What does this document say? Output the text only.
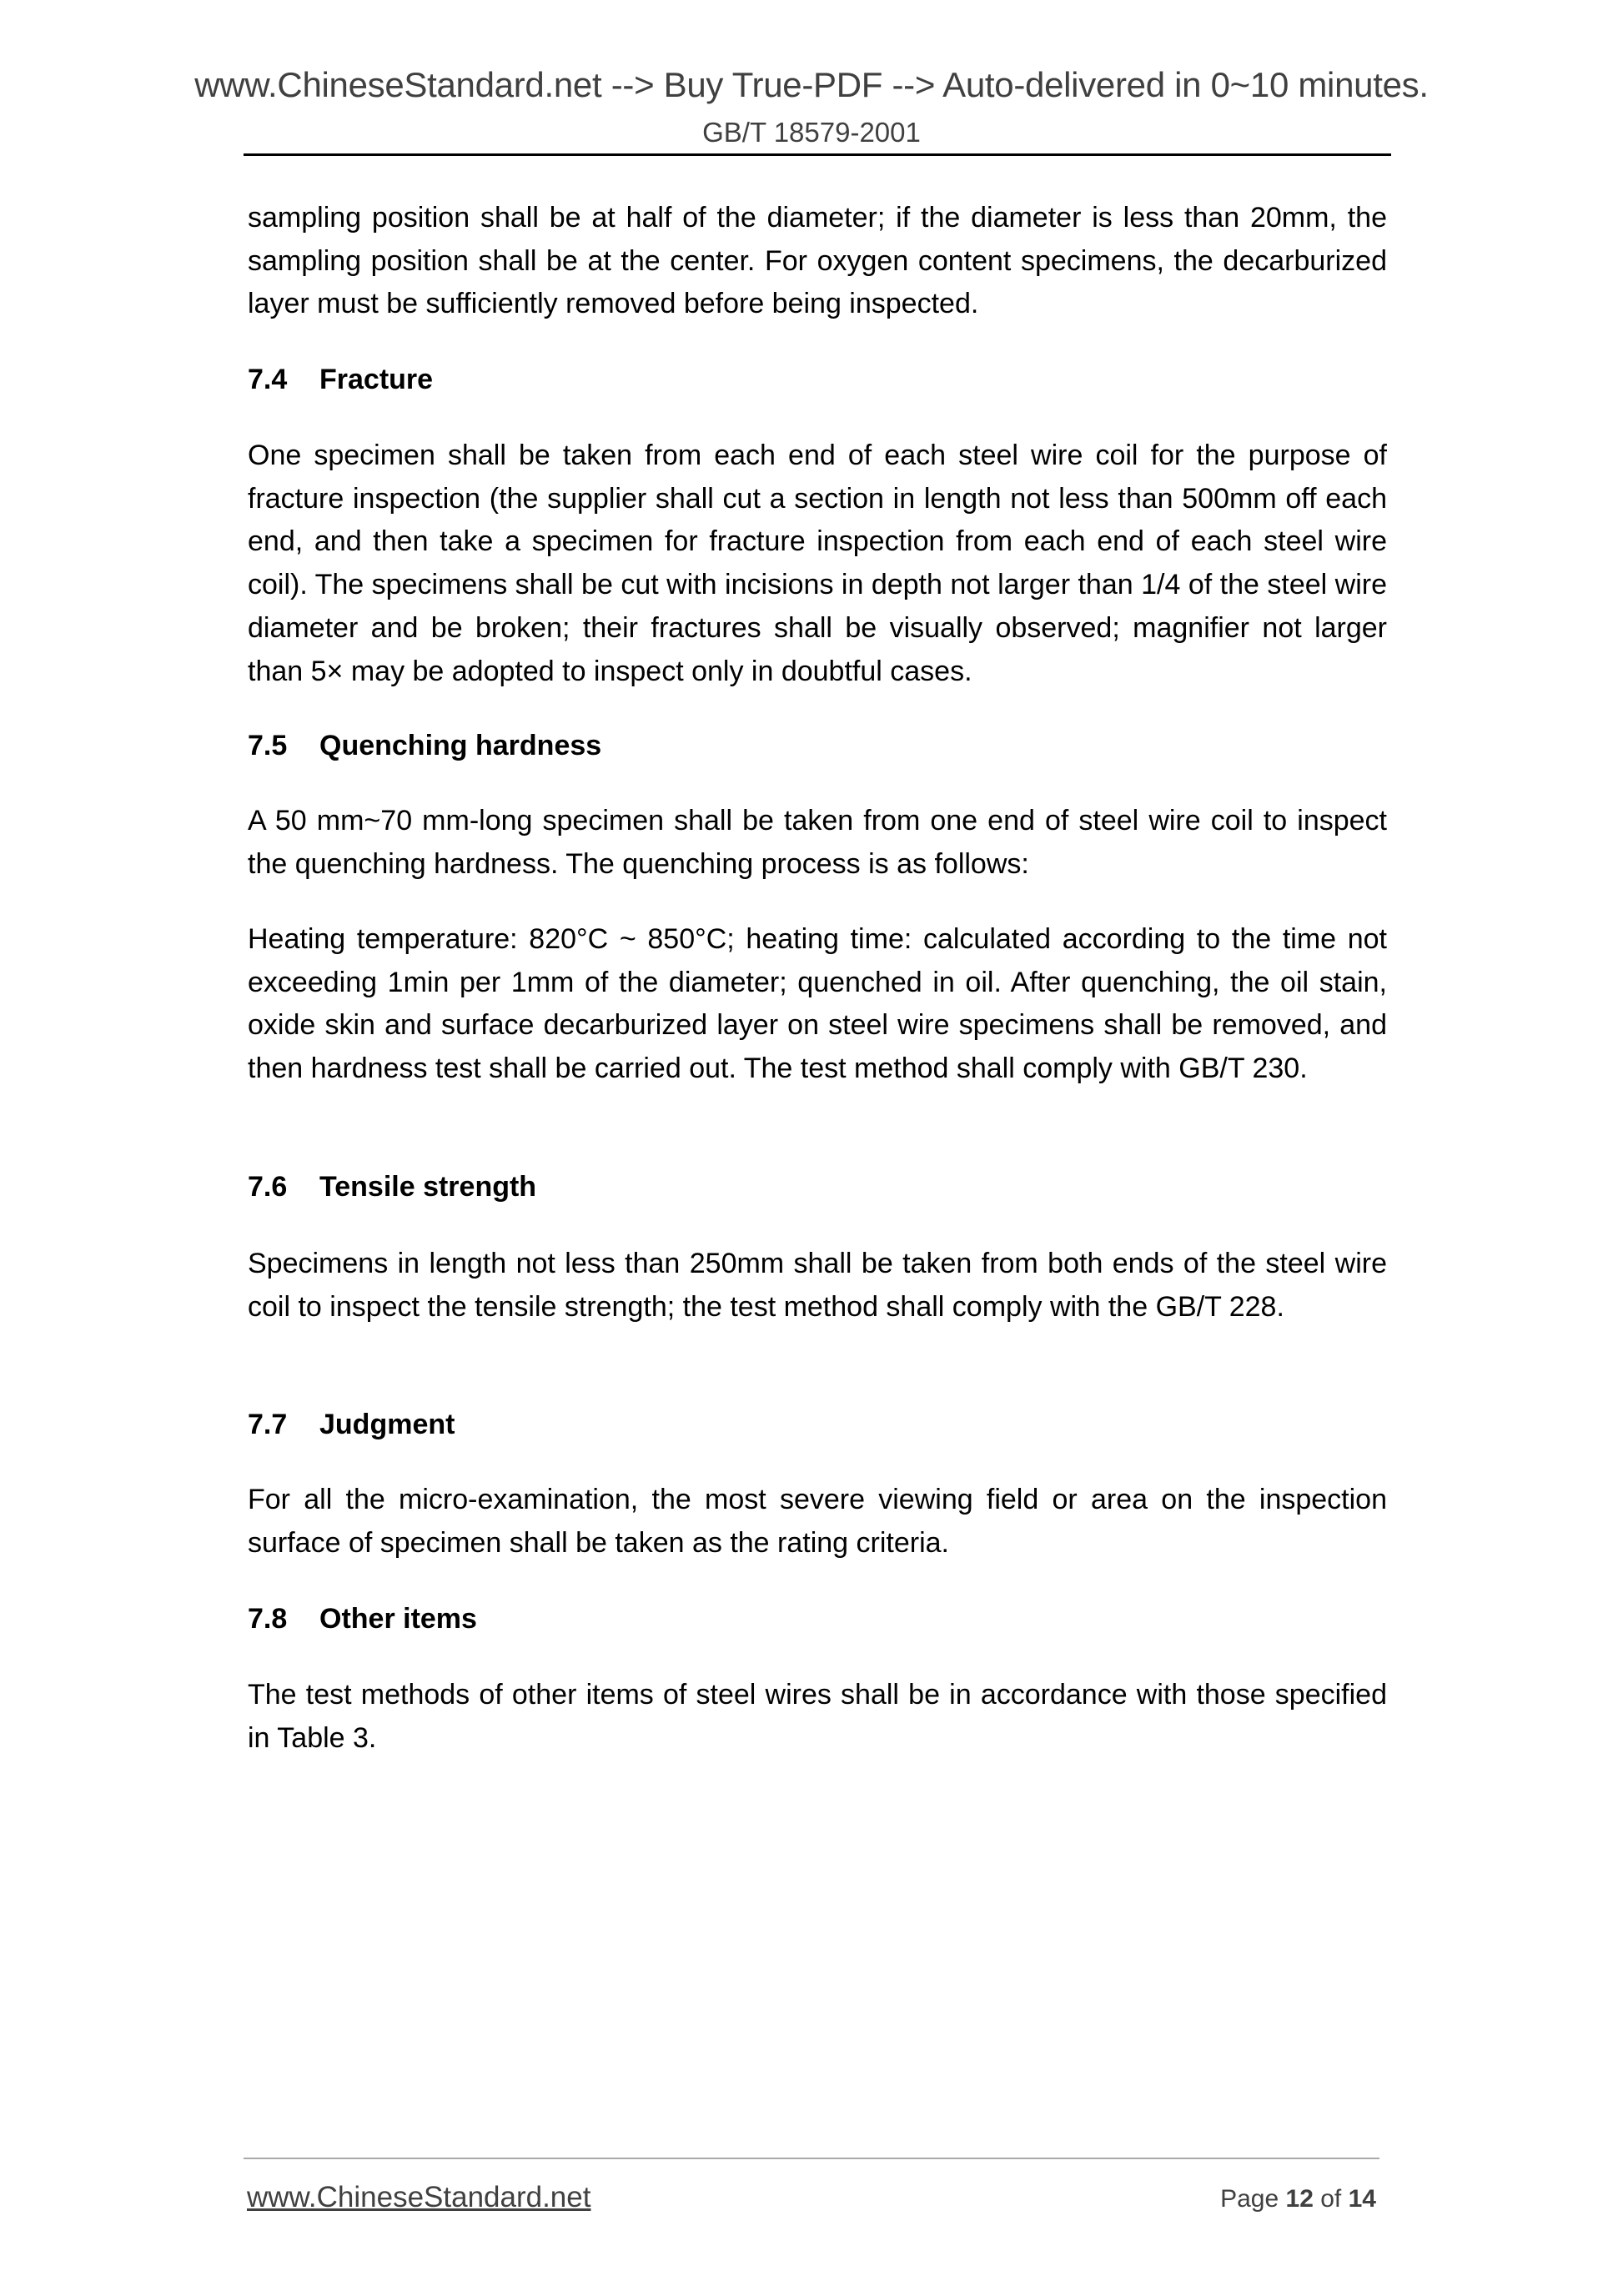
www.ChineseStandard.net --> Buy True-PDF --> Auto-delivered in 0~10 minutes.
GB/T 18579-2001
sampling position shall be at half of the diameter; if the diameter is less than 20mm, the sampling position shall be at the center. For oxygen content specimens, the decarburized layer must be sufficiently removed before being inspected.
7.4 Fracture
One specimen shall be taken from each end of each steel wire coil for the purpose of fracture inspection (the supplier shall cut a section in length not less than 500mm off each end, and then take a specimen for fracture inspection from each end of each steel wire coil). The specimens shall be cut with incisions in depth not larger than 1/4 of the steel wire diameter and be broken; their fractures shall be visually observed; magnifier not larger than 5× may be adopted to inspect only in doubtful cases.
7.5 Quenching hardness
A 50 mm~70 mm-long specimen shall be taken from one end of steel wire coil to inspect the quenching hardness. The quenching process is as follows:
Heating temperature: 820°C ~ 850°C; heating time: calculated according to the time not exceeding 1min per 1mm of the diameter; quenched in oil. After quenching, the oil stain, oxide skin and surface decarburized layer on steel wire specimens shall be removed, and then hardness test shall be carried out. The test method shall comply with GB/T 230.
7.6 Tensile strength
Specimens in length not less than 250mm shall be taken from both ends of the steel wire coil to inspect the tensile strength; the test method shall comply with the GB/T 228.
7.7 Judgment
For all the micro-examination, the most severe viewing field or area on the inspection surface of specimen shall be taken as the rating criteria.
7.8 Other items
The test methods of other items of steel wires shall be in accordance with those specified in Table 3.
www.ChineseStandard.net	Page 12 of 14
